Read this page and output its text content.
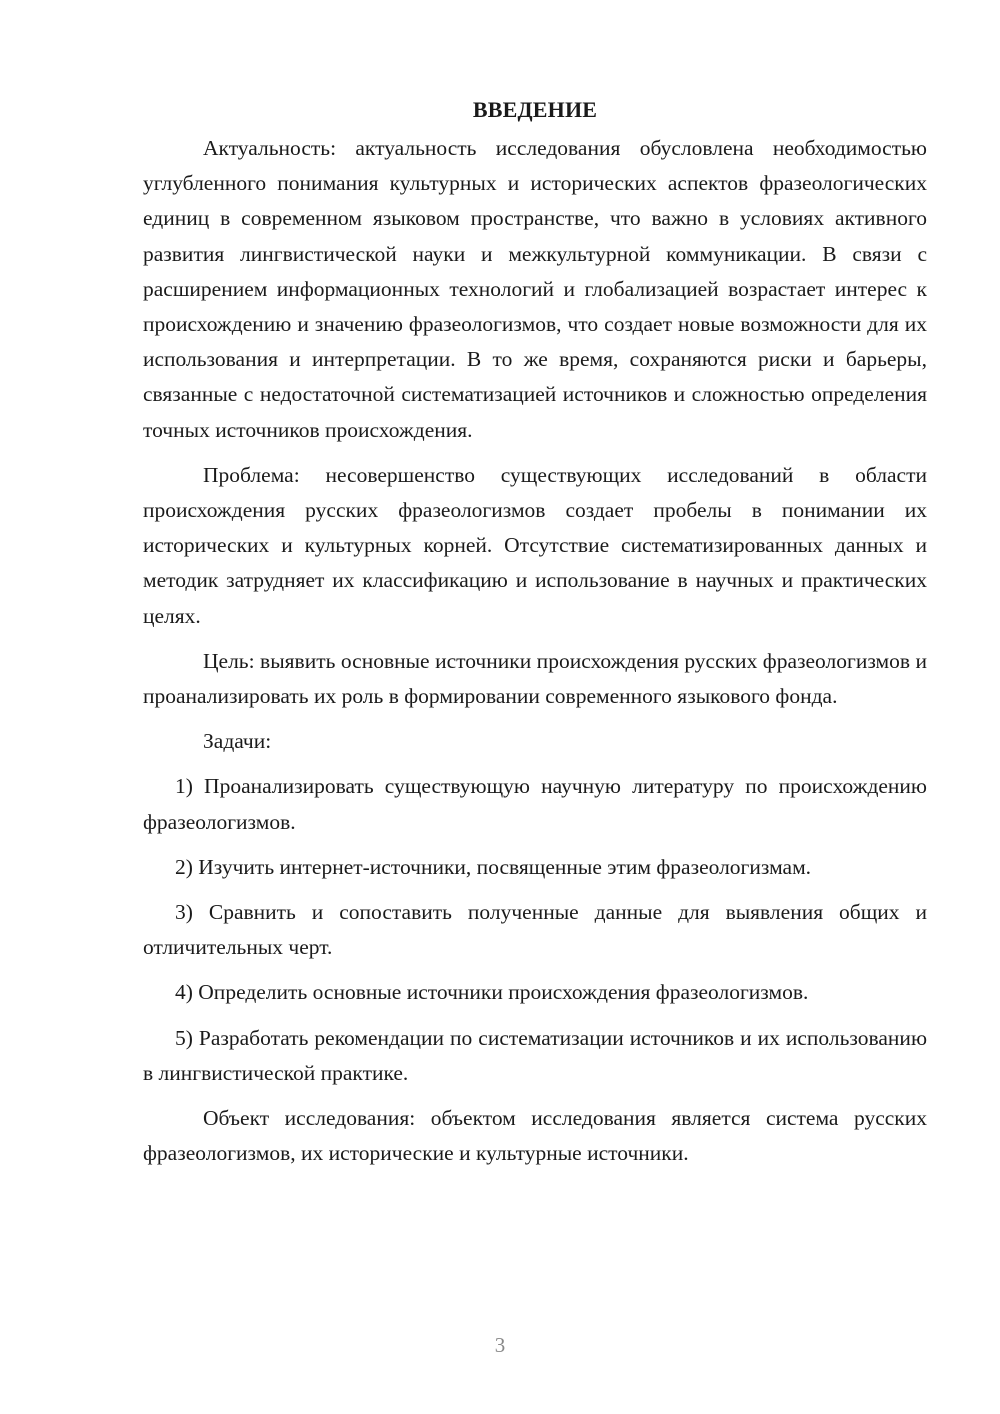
ВВЕДЕНИЕ

Актуальность: актуальность исследования обусловлена необходимостью углубленного понимания культурных и исторических аспектов фразеологических единиц в современном языковом пространстве, что важно в условиях активного развития лингвистической науки и межкультурной коммуникации. В связи с расширением информационных технологий и глобализацией возрастает интерес к происхождению и значению фразеологизмов, что создает новые возможности для их использования и интерпретации. В то же время, сохраняются риски и барьеры, связанные с недостаточной систематизацией источников и сложностью определения точных источников происхождения.

Проблема: несовершенство существующих исследований в области происхождения русских фразеологизмов создает пробелы в понимании их исторических и культурных корней. Отсутствие систематизированных данных и методик затрудняет их классификацию и использование в научных и практических целях.

Цель: выявить основные источники происхождения русских фразеологизмов и проанализировать их роль в формировании современного языкового фонда.

Задачи:

1) Проанализировать существующую научную литературу по происхождению фразеологизмов.

2) Изучить интернет-источники, посвященные этим фразеологизмам.

3) Сравнить и сопоставить полученные данные для выявления общих и отличительных черт.

4) Определить основные источники происхождения фразеологизмов.

5) Разработать рекомендации по систематизации источников и их использованию в лингвистической практике.

Объект исследования: объектом исследования является система русских фразеологизмов, их исторические и культурные источники.

3
